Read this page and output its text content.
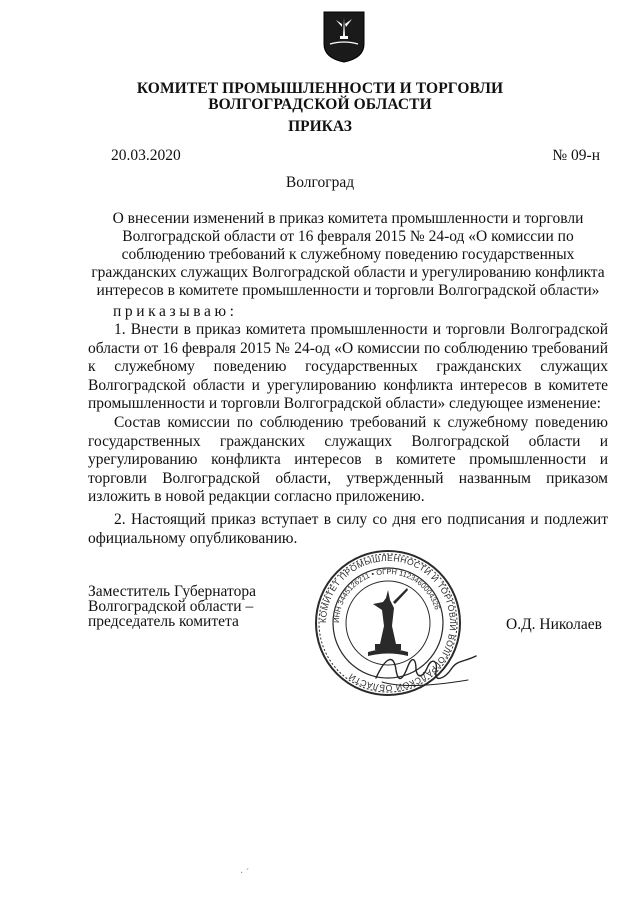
КОМИТЕТ ПРОМЫШЛЕННОСТИ И ТОРГОВЛИ
ВОЛГОГРАДСКОЙ ОБЛАСТИ
ПРИКАЗ
20.03.2020	№ 09-н
Волгоград
О внесении изменений в приказ комитета промышленности и торговли Волгоградской области от 16 февраля 2015 № 24-од «О комиссии по соблюдению требований к служебному поведению государственных гражданских служащих Волгоградской области и урегулированию конфликта интересов в комитете промышленности и торговли Волгоградской области»
приказываю:

1. Внести в приказ комитета промышленности и торговли Волгоградской области от 16 февраля 2015 № 24-од «О комиссии по соблюдению требований к служебному поведению государственных гражданских служащих Волгоградской области и урегулированию конфликта интересов в комитете промышленности и торговли Волгоградской области» следующее изменение:

Состав комиссии по соблюдению требований к служебному поведению государственных гражданских служащих Волгоградской области и урегулированию конфликта интересов в комитете промышленности и торговли Волгоградской области, утвержденный названным приказом изложить в новой редакции согласно приложению.

2. Настоящий приказ вступает в силу со дня его подписания и подлежит официальному опубликованию.

Заместитель Губернатора
Волгоградской области –
председатель комитета	КОМИТЕТ ПРОМЫШЛЕННОСТИ И ТОРГОВЛИ ВОЛГОГРАДСКОЙ ОБЛАСТИ
ИНН 3445126211 • ОГРН 1123460004326
О.Д. Николаев
· ˊ
